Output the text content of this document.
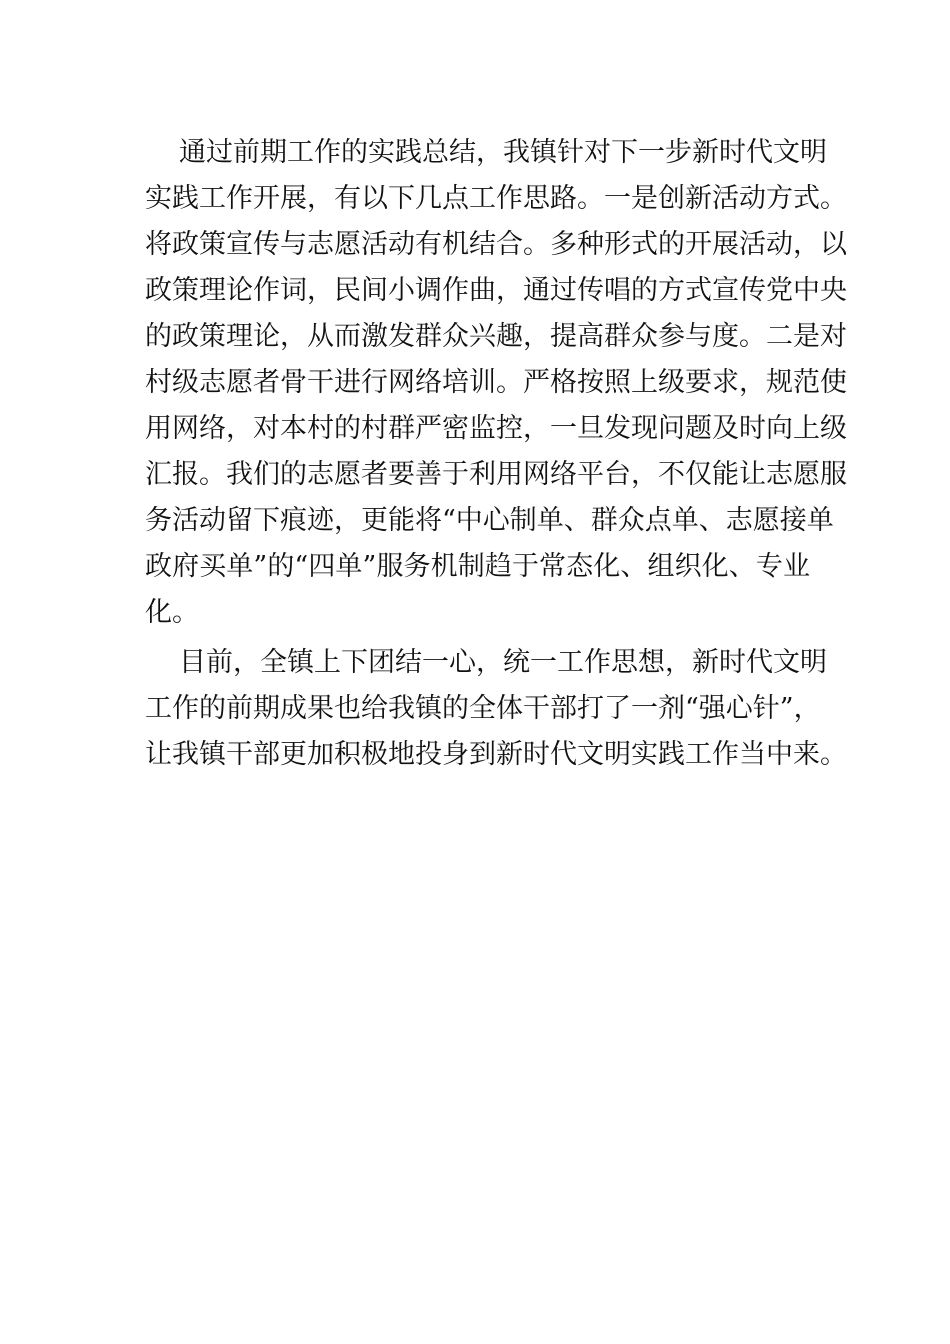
通过前期工作的实践总结，我镇针对下一步新时代文明
实践工作开展，有以下几点工作思路。一是创新活动方式。
将政策宣传与志愿活动有机结合。多种形式的开展活动，以
政策理论作词，民间小调作曲，通过传唱的方式宣传党中央
的政策理论，从而激发群众兴趣，提高群众参与度。二是对
村级志愿者骨干进行网络培训。严格按照上级要求，规范使
用网络，对本村的村群严密监控，一旦发现问题及时向上级
汇报。我们的志愿者要善于利用网络平台，不仅能让志愿服
务活动留下痕迹，更能将“中心制单、群众点单、志愿接单
政府买单”的“四单”服务机制趋于常态化、组织化、专业
化。

目前，全镇上下团结一心，统一工作思想，新时代文明
工作的前期成果也给我镇的全体干部打了一剂“强心针”，
让我镇干部更加积极地投身到新时代文明实践工作当中来。
